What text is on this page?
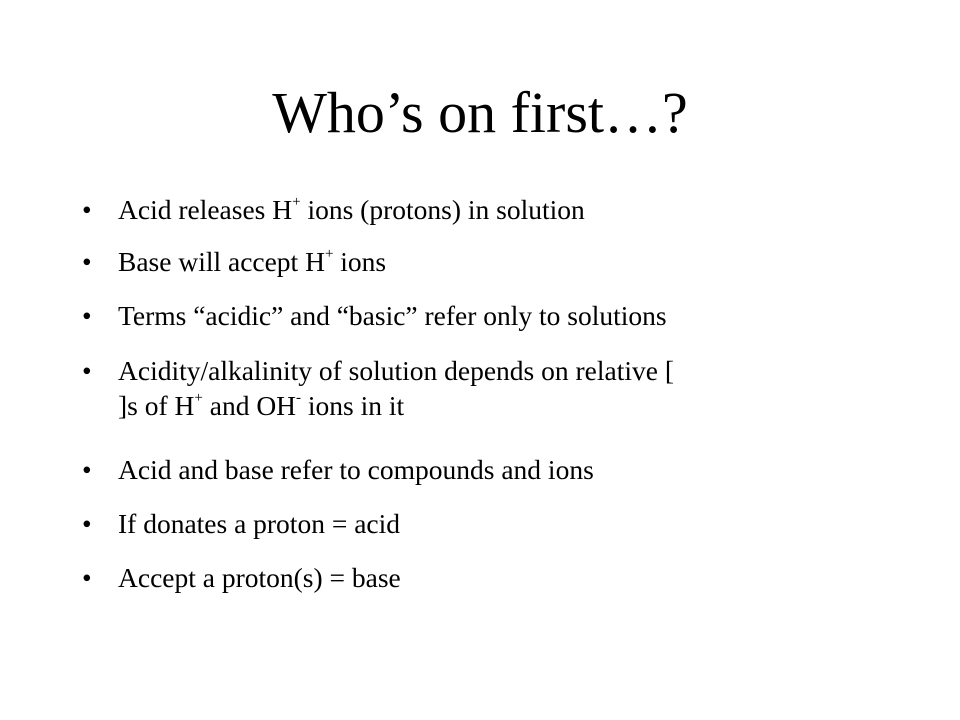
Who’s on first…?
• Acid releases H+ ions (protons) in solution
• Base will accept H+ ions
• Terms “acidic” and “basic” refer only to solutions
• Acidity/alkalinity of solution depends on relative [
]s of H+ and OH- ions in it
• Acid and base refer to compounds and ions
• If donates a proton = acid
• Accept a proton(s) = base
